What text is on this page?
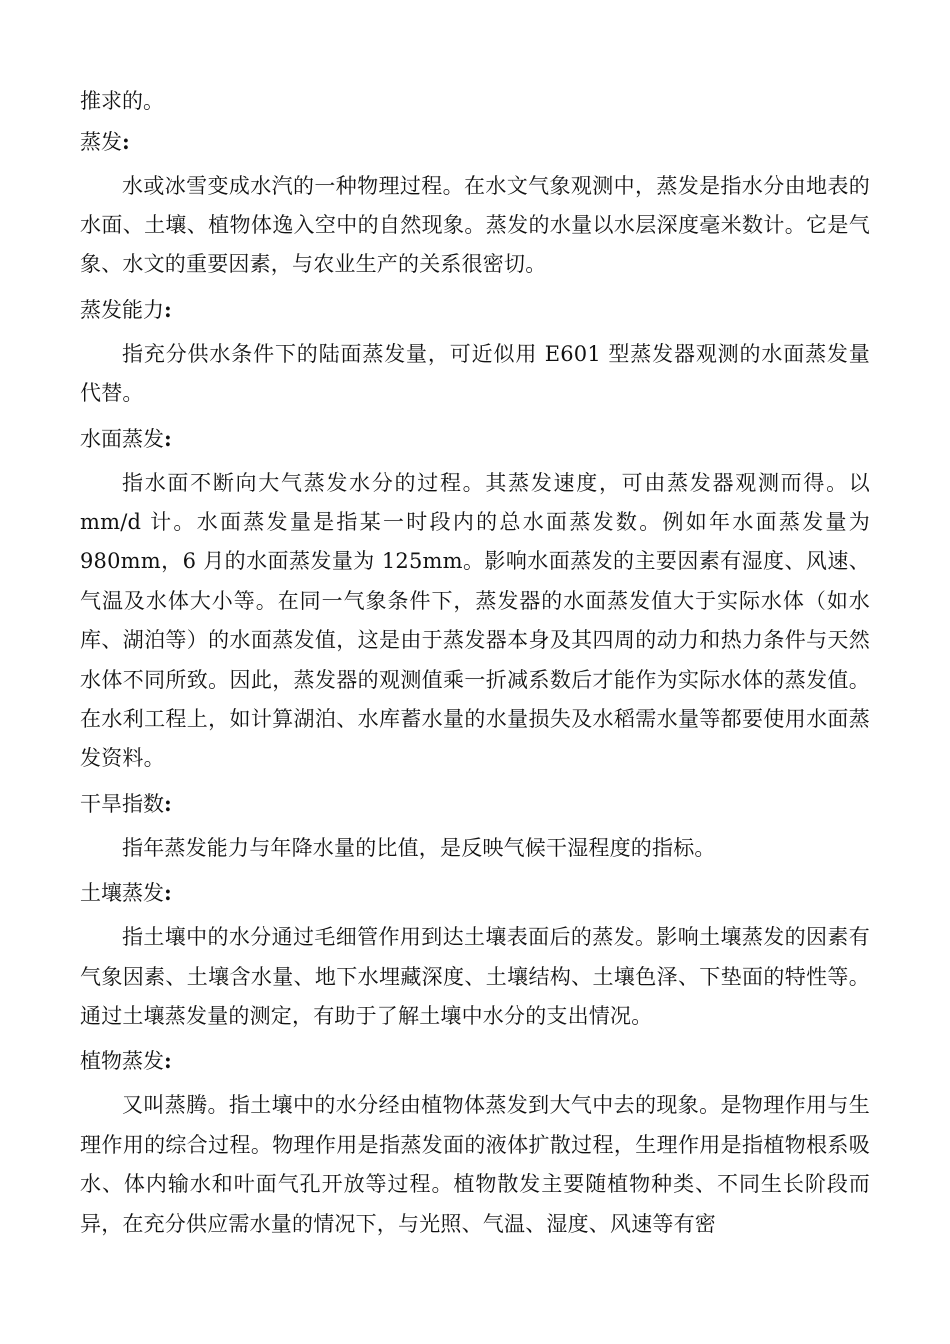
推求的。

蒸发:

水或冰雪变成水汽的一种物理过程。在水文气象观测中，蒸发是指水分由地表的水面、土壤、植物体逸入空中的自然现象。蒸发的水量以水层深度毫米数计。它是气象、水文的重要因素，与农业生产的关系很密切。

蒸发能力:

指充分供水条件下的陆面蒸发量，可近似用 E601 型蒸发器观测的水面蒸发量代替。

水面蒸发:

指水面不断向大气蒸发水分的过程。其蒸发速度，可由蒸发器观测而得。以 mm/d 计。水面蒸发量是指某一时段内的总水面蒸发数。例如年水面蒸发量为 980mm，6 月的水面蒸发量为 125mm。影响水面蒸发的主要因素有湿度、风速、气温及水体大小等。在同一气象条件下，蒸发器的水面蒸发值大于实际水体（如水库、湖泊等）的水面蒸发值，这是由于蒸发器本身及其四周的动力和热力条件与天然水体不同所致。因此，蒸发器的观测值乘一折减系数后才能作为实际水体的蒸发值。在水利工程上，如计算湖泊、水库蓄水量的水量损失及水稻需水量等都要使用水面蒸发资料。

干旱指数:

指年蒸发能力与年降水量的比值，是反映气候干湿程度的指标。

土壤蒸发:

指土壤中的水分通过毛细管作用到达土壤表面后的蒸发。影响土壤蒸发的因素有气象因素、土壤含水量、地下水埋藏深度、土壤结构、土壤色泽、下垫面的特性等。通过土壤蒸发量的测定，有助于了解土壤中水分的支出情况。

植物蒸发:

又叫蒸腾。指土壤中的水分经由植物体蒸发到大气中去的现象。是物理作用与生理作用的综合过程。物理作用是指蒸发面的液体扩散过程，生理作用是指植物根系吸水、体内输水和叶面气孔开放等过程。植物散发主要随植物种类、不同生长阶段而异，在充分供应需水量的情况下，与光照、气温、湿度、风速等有密
